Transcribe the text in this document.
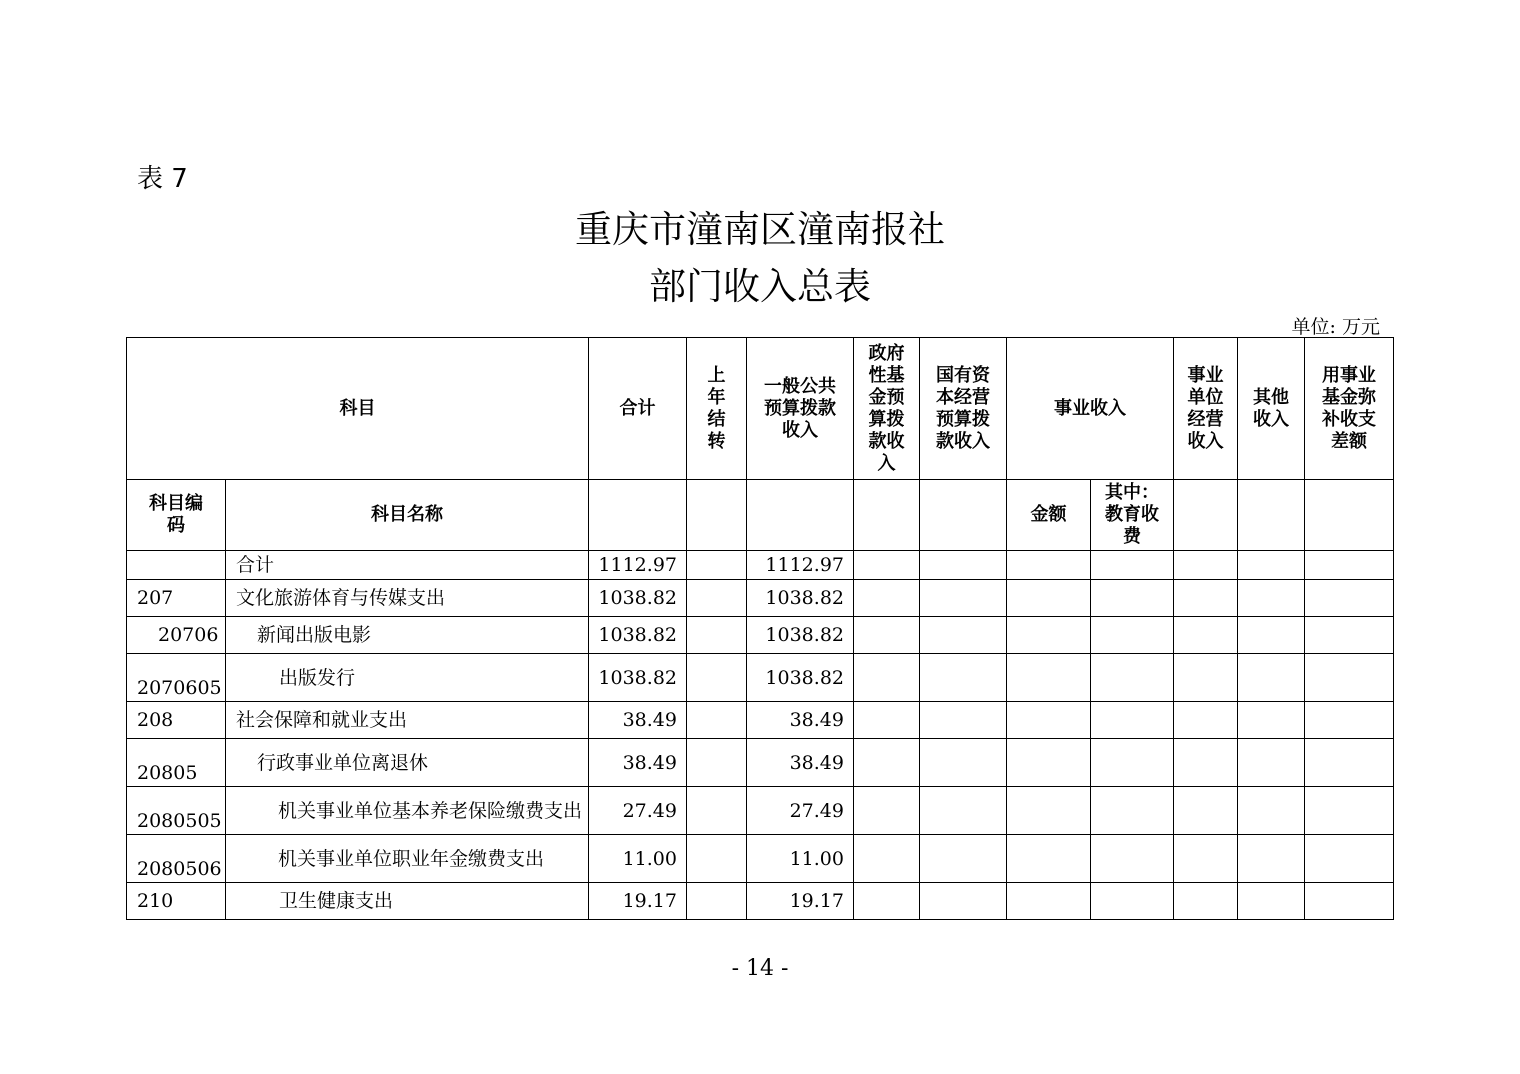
表 7
重庆市潼南区潼南报社
部门收入总表
单位: 万元
科目		合计	上年结转	一般公共预算拨款收入	政府性基金预算拨款收入	国有资本经营预算拨款收入	事业收入		事业单位经营收入	其他收入	用事业基金弥补收支差额

科目编码	科目名称						金额	其中：教育收费			

	合计	1112.97		1112.97							
207	文化旅游体育与传媒支出	1038.82		1038.82							
20706	新闻出版电影	1038.82		1038.82							
2070605	出版发行	1038.82		1038.82							
208	社会保障和就业支出	38.49		38.49							
20805	行政事业单位离退休	38.49		38.49							
2080505	机关事业单位基本养老保险缴费支出	27.49		27.49							
2080506	机关事业单位职业年金缴费支出	11.00		11.00							
210	卫生健康支出	19.17		19.17							
- 14 -
